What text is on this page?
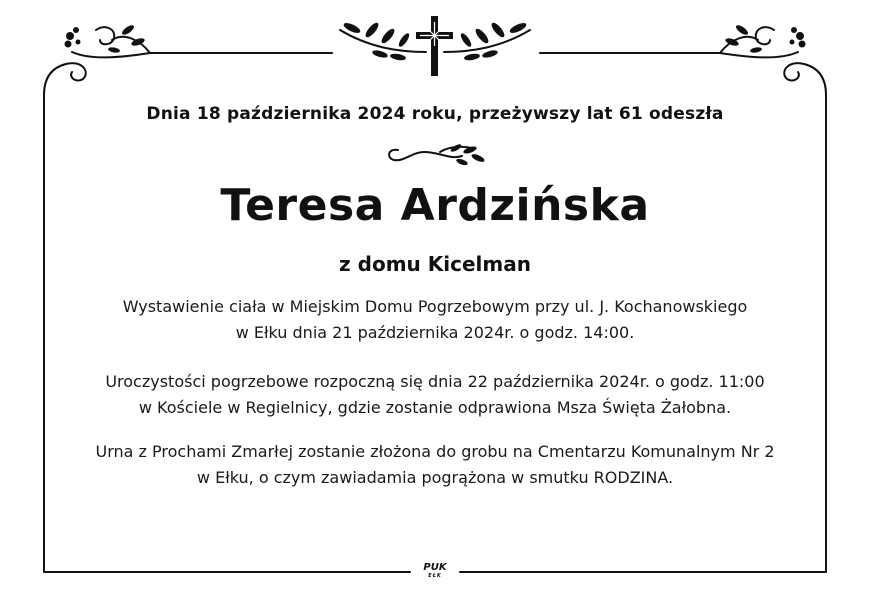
Dnia 18 października 2024 roku, przeżywszy lat 61 odeszła
Teresa Ardzińska
z domu Kicelman
Wystawienie ciała w Miejskim Domu Pogrzebowym przy ul. J. Kochanowskiego
w Ełku dnia 21 października 2024r. o godz. 14:00.
Uroczystości pogrzebowe rozpoczną się dnia 22 października 2024r. o godz. 11:00
w Kościele w Regielnicy, gdzie zostanie odprawiona Msza Święta Żałobna.
Urna z Prochami Zmarłej zostanie złożona do grobu na Cmentarzu Komunalnym Nr 2
w Ełku, o czym zawiadamia pogrążona w smutku RODZINA.
PUK
EŁK
